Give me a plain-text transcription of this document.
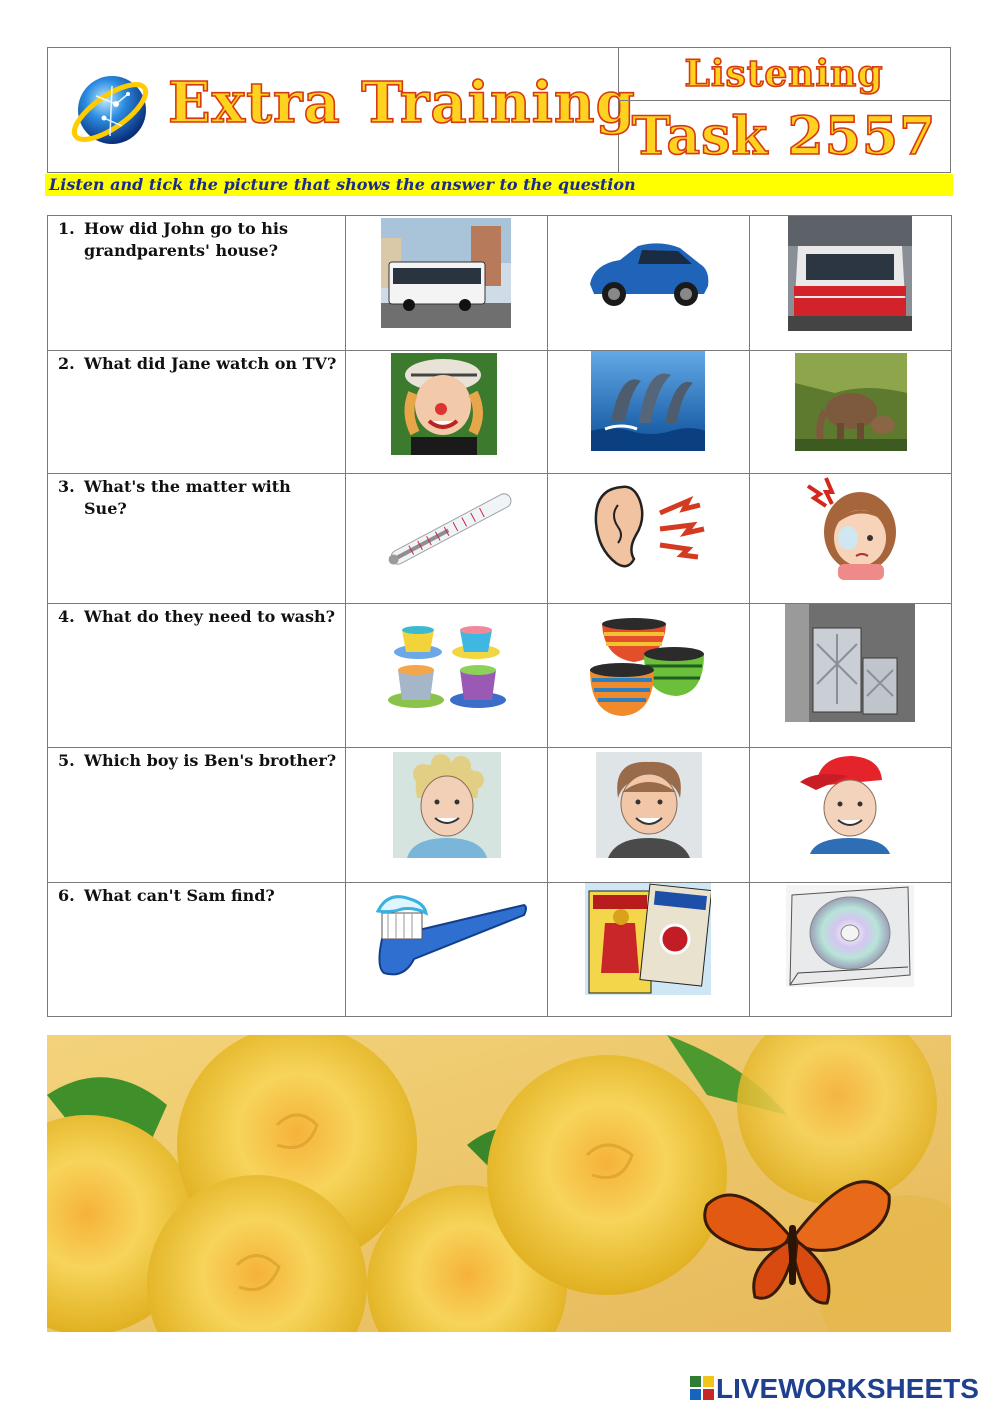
Extra Training Listening
Task 2557
Listen and tick the picture that shows the answer to the question
1. How did John go to his grandparents' house?

2. What did Jane watch on TV?

3. What's the matter with Sue?

4. What do they need to wash?

5. Which boy is Ben's brother?

6. What can't Sam find?

LIVEWORKSHEETS
